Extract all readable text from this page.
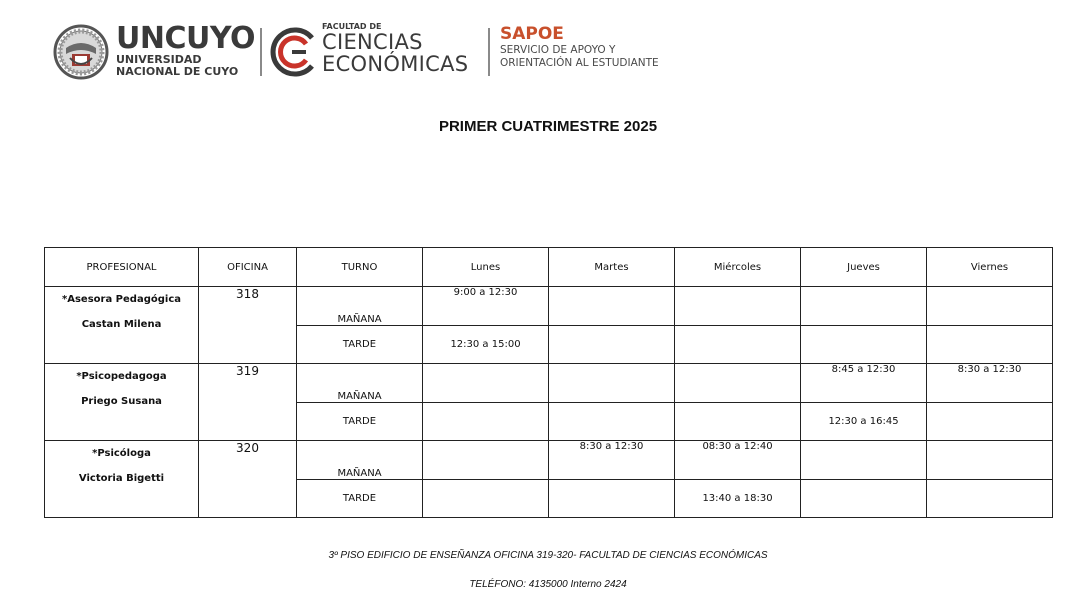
UNCUYO
UNIVERSIDAD
NACIONAL DE CUYO
FACULTAD DE
CIENCIAS
ECONÓMICAS
SAPOE
SERVICIO DE APOYO Y
ORIENTACIÓN AL ESTUDIANTE
PRIMER CUATRIMESTRE 2025
PROFESIONAL	OFICINA	TURNO	Lunes	Martes	Miércoles	Jueves	Viernes

*Asesora Pedagógica
Castan Milena	318	MAÑANA	9:00 a 12:30				
		TARDE	12:30 a 15:00				

*Psicopedagoga
Priego Susana	319	MAÑANA				8:45 a 12:30	8:30 a 12:30
		TARDE				12:30 a 16:45	

*Psicóloga
Victoria Bigetti	320	MAÑANA		8:30 a 12:30	08:30 a 12:40		
		TARDE			13:40 a 18:30		
3º PISO EDIFICIO DE ENSEÑANZA OFICINA 319-320- FACULTAD DE CIENCIAS ECONÓMICAS
TELÉFONO: 4135000 Interno 2424
